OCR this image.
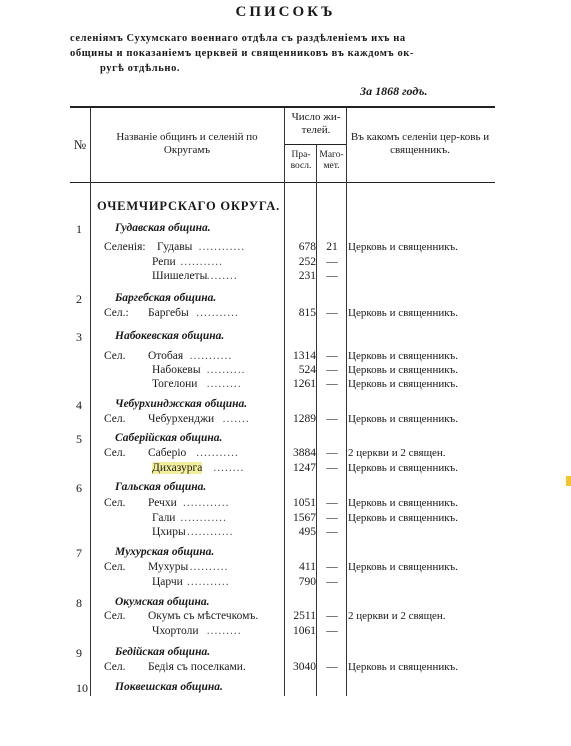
СПИСОКЪ
селенiямъ Сухумскаго военнаго отдѣла съ раздѣленiемъ ихъ на
общины и показанiемъ церквей и священниковъ въ каждомъ ок-
ругѣ отдѣльно.
За 1868 годъ.
№	Названiе общинъ и селенiй по Округамъ
Число жи-телей.
Пра-восл.
Маго-мет.
Въ какомъ селенiи цер-ковь и священникъ.
ОЧЕМЧИРСКАГО ОКРУГА.
1	Гудавская община.
Селенiя: Гудавы ............	678 21 Церковь и священникъ.
Репи ...........	252 —
Шишелеты ........	231 —
2	Баргебская община.
Сел.: Баргебы ...........	815 — Церковь и священникъ.
3	Набокевская община.
Сел. Отобая ...........	1314 — Церковь и священникъ.
Набокевы ..........	524 — Церковь и священникъ.
Тогелони .........	1261 — Церковь и священникъ.
4	Чебурхинджская община.
Сел. Чебурхенджи .......	1289 — Церковь и священникъ.
5	Саберiйская община.
Сел. Саберiо ...........	3884 — 2 церкви и 2 священ.
Дихазурга ........	1247 — Церковь и священникъ.
6	Гальская община.
Сел. Речхи ............	1051 — Церковь и священникъ.
Гали ............	1567 — Церковь и священникъ.
Цхиры ............	495 —
7	Мухурская община.
Сел. Мухуры ..........	411 — Церковь и священникъ.
Царчи ...........	790 —
8	Окумская община.
Сел. Окумъ съ мѣстечкомъ.	2511 — 2 церкви и 2 священ.
Чхортоли .........	1061 —
9	Бедiйская община.
Сел. Бедiя съ поселками.	3040 — Церковь и священникъ.
10 Поквешская община.
